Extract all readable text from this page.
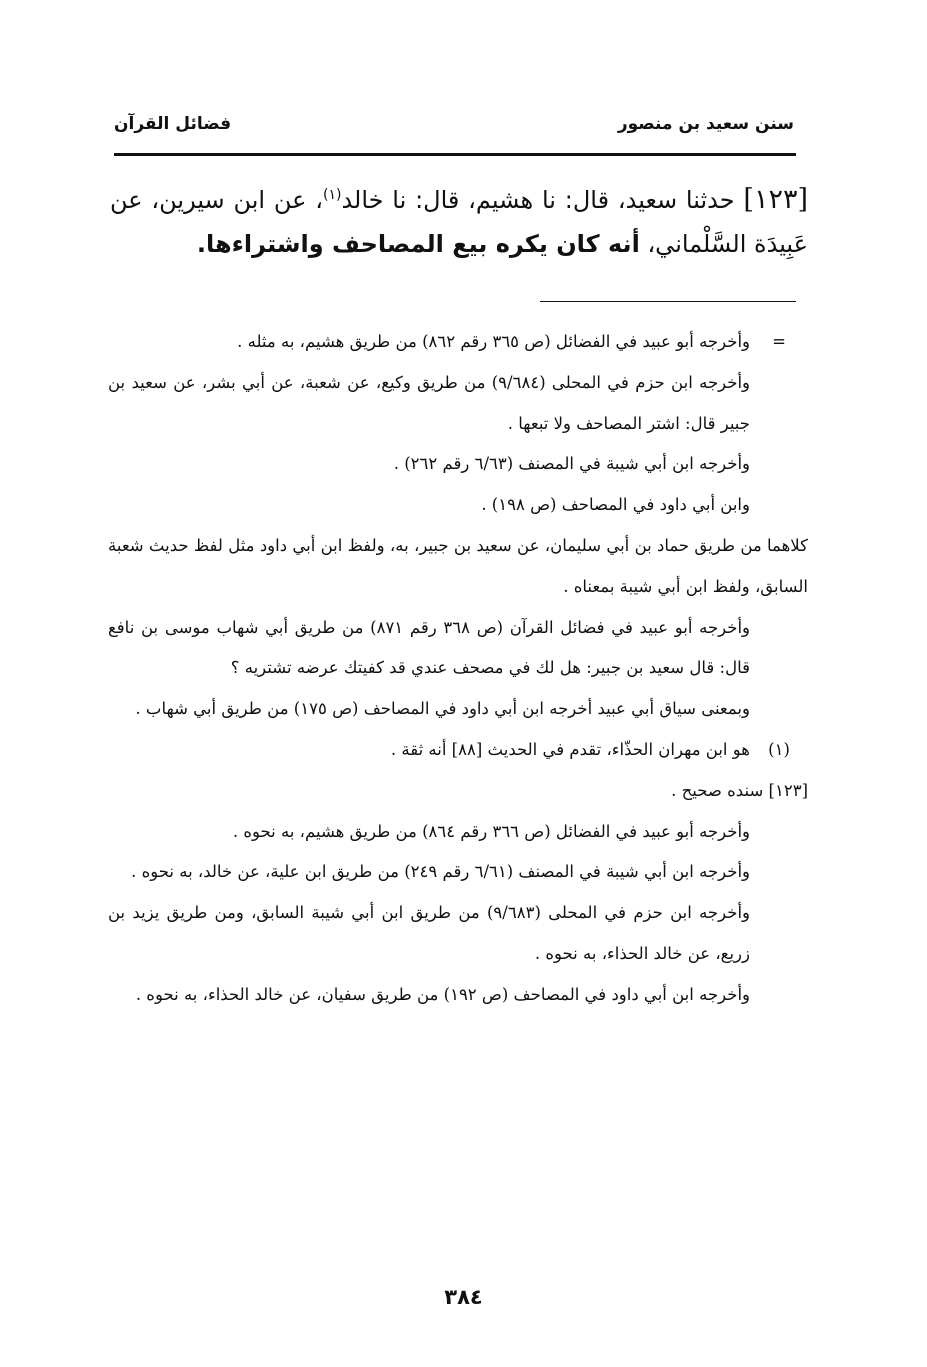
سنن سعيد بن منصور
فضائل القرآن
[١٢٣] حدثنا سعيد، قال: نا هشيم، قال: نا خالد$^{(١)}$، عن ابن سيرين، عن عَبِيدَة السَّلْماني، أنه كان يكره بيع المصاحف واشتراءها.
=
وأخرجه أبو عبيد في الفضائل (ص ٣٦٥ رقم ٨٦٢) من طريق هشيم، به مثله .
وأخرجه ابن حزم في المحلى (٩/٦٨٤) من طريق وكيع، عن شعبة، عن أبي بشر، عن سعيد بن جبير قال: اشتر المصاحف ولا تبعها .
وأخرجه ابن أبي شيبة في المصنف (٦/٦٣ رقم ٢٦٢) .
وابن أبي داود في المصاحف (ص ١٩٨) .
كلاهما من طريق حماد بن أبي سليمان، عن سعيد بن جبير، به، ولفظ ابن أبي داود مثل لفظ حديث شعبة السابق، ولفظ ابن أبي شيبة بمعناه .
وأخرجه أبو عبيد في فضائل القرآن (ص ٣٦٨ رقم ٨٧١) من طريق أبي شهاب موسى بن نافع قال: قال سعيد بن جبير: هل لك في مصحف عندي قد كفيتك عرضه تشتريه ؟
وبمعنى سياق أبي عبيد أخرجه ابن أبي داود في المصاحف (ص ١٧٥) من طريق أبي شهاب .
(١)
هو ابن مهران الحذّاء، تقدم في الحديث [٨٨] أنه ثقة .
[١٢٣] سنده صحيح .
وأخرجه أبو عبيد في الفضائل (ص ٣٦٦ رقم ٨٦٤) من طريق هشيم، به نحوه .
وأخرجه ابن أبي شيبة في المصنف (٦/٦١ رقم ٢٤٩) من طريق ابن علية، عن خالد، به نحوه .
وأخرجه ابن حزم في المحلى (٩/٦٨٣) من طريق ابن أبي شيبة السابق، ومن طريق يزيد بن زريع، عن خالد الحذاء، به نحوه .
وأخرجه ابن أبي داود في المصاحف (ص ١٩٢) من طريق سفيان، عن خالد الحذاء، به نحوه .
٣٨٤
